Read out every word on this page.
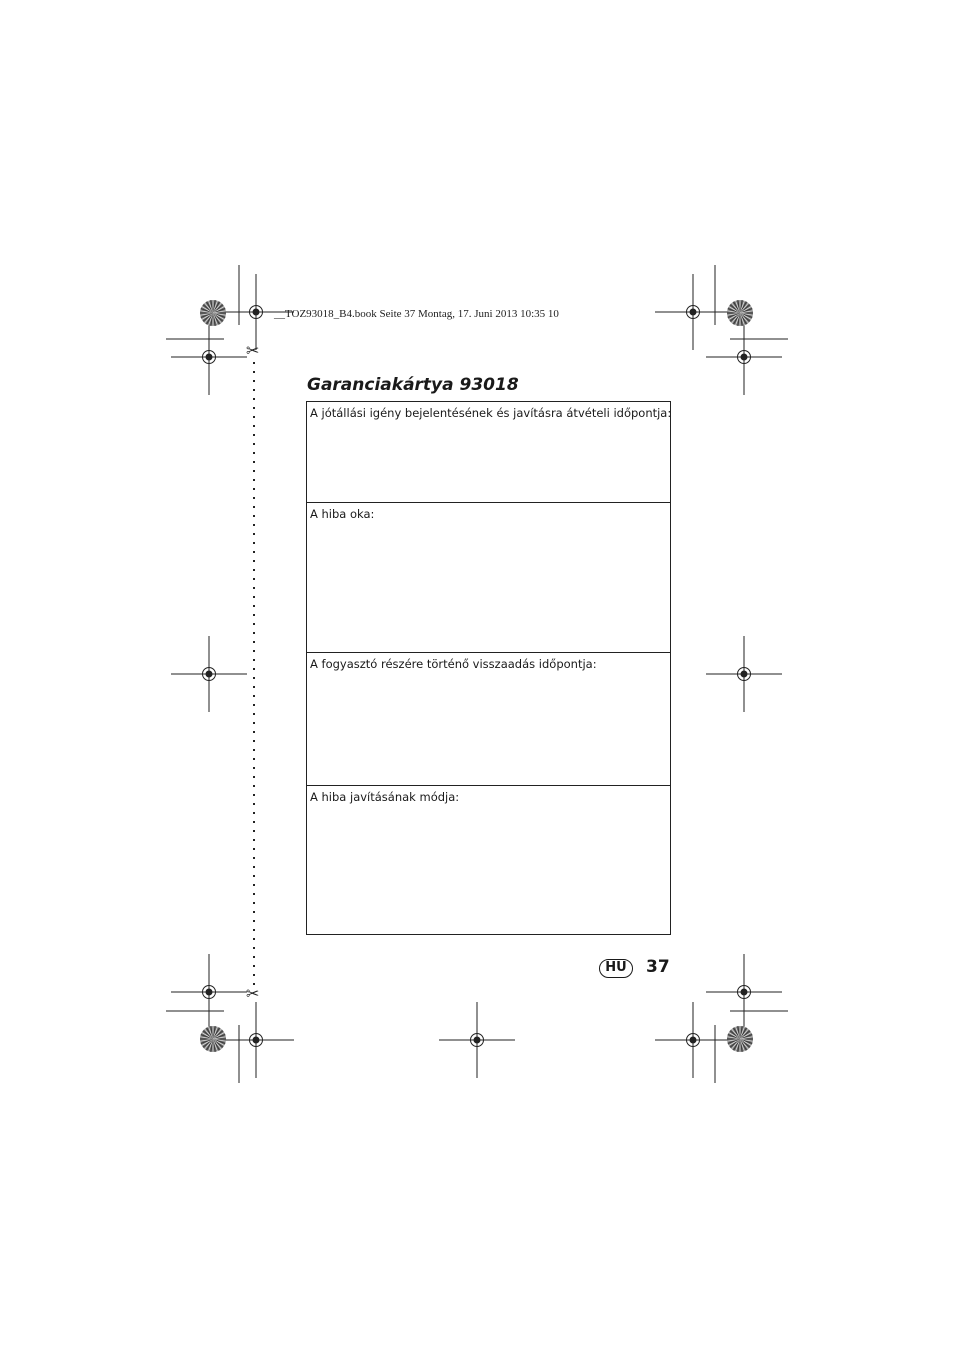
✂
✂
__TOZ93018_B4.book Seite 37 Montag, 17. Juni 2013 10:35 10
Garanciakártya 93018
A jótállási igény bejelentésének és javításra átvételi időpontja:
A hiba oka:
A fogyasztó részére történő visszaadás időpontja:
A hiba javításának módja:
HU	37
